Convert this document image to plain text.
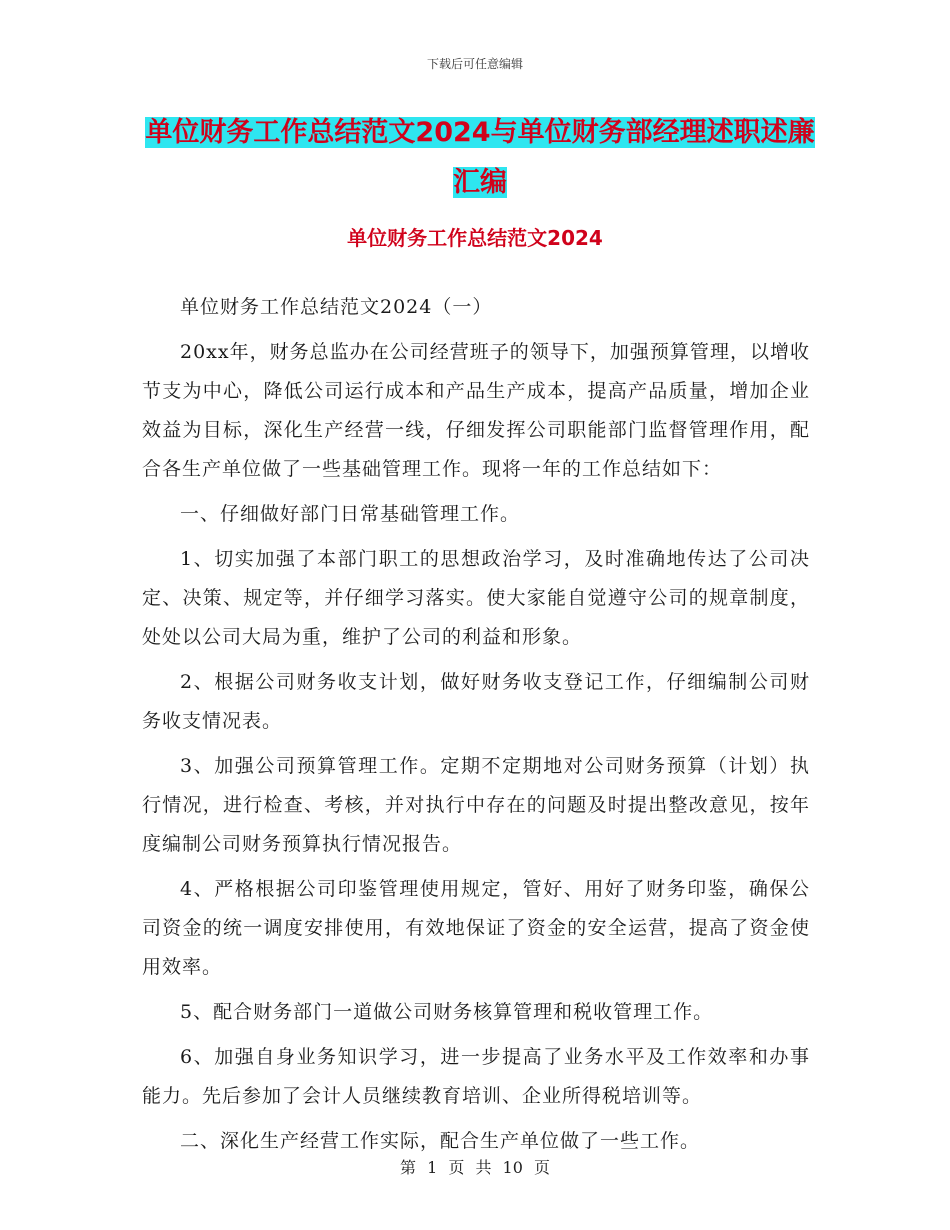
下载后可任意编辑
单位财务工作总结范文2024与单位财务部经理述职述廉汇编
单位财务工作总结范文2024

单位财务工作总结范文2024（一）

20xx年，财务总监办在公司经营班子的领导下，加强预算管理，以增收节支为中心，降低公司运行成本和产品生产成本，提高产品质量，增加企业效益为目标，深化生产经营一线，仔细发挥公司职能部门监督管理作用，配合各生产单位做了一些基础管理工作。现将一年的工作总结如下：

一、仔细做好部门日常基础管理工作。

1、切实加强了本部门职工的思想政治学习，及时准确地传达了公司决定、决策、规定等，并仔细学习落实。使大家能自觉遵守公司的规章制度，处处以公司大局为重，维护了公司的利益和形象。

2、根据公司财务收支计划，做好财务收支登记工作，仔细编制公司财务收支情况表。

3、加强公司预算管理工作。定期不定期地对公司财务预算（计划）执行情况，进行检查、考核，并对执行中存在的问题及时提出整改意见，按年度编制公司财务预算执行情况报告。

4、严格根据公司印鉴管理使用规定，管好、用好了财务印鉴，确保公司资金的统一调度安排使用，有效地保证了资金的安全运营，提高了资金使用效率。

5、配合财务部门一道做公司财务核算管理和税收管理工作。

6、加强自身业务知识学习，进一步提高了业务水平及工作效率和办事能力。先后参加了会计人员继续教育培训、企业所得税培训等。

二、深化生产经营工作实际，配合生产单位做了一些工作。

第 1 页 共 10 页
